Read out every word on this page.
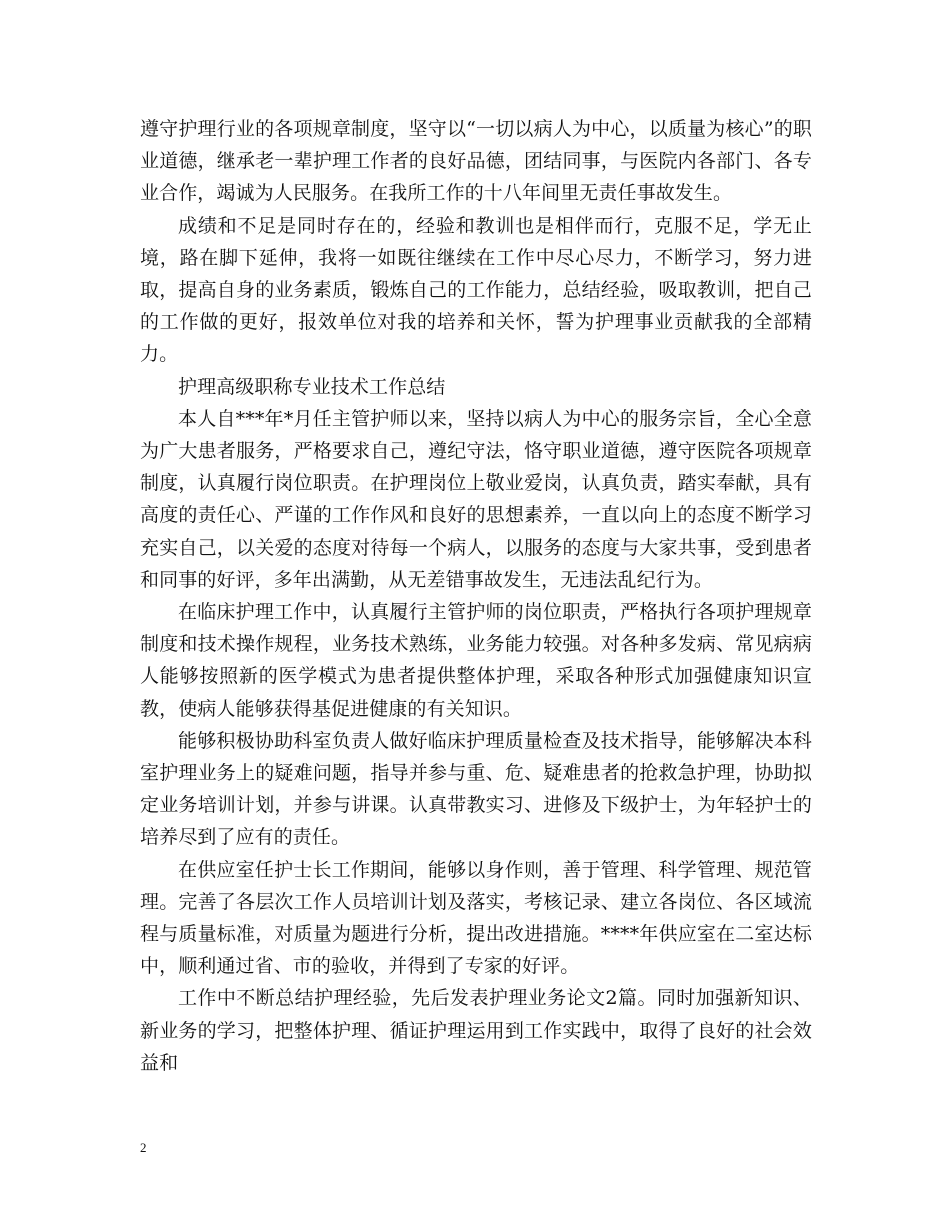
遵守护理行业的各项规章制度，坚守以“一切以病人为中心，以质量为核心”的职业道德，继承老一辈护理工作者的良好品德，团结同事，与医院内各部门、各专业合作，竭诚为人民服务。在我所工作的十八年间里无责任事故发生。

成绩和不足是同时存在的，经验和教训也是相伴而行，克服不足，学无止境，路在脚下延伸，我将一如既往继续在工作中尽心尽力，不断学习，努力进取，提高自身的业务素质，锻炼自己的工作能力，总结经验，吸取教训，把自己的工作做的更好，报效单位对我的培养和关怀，誓为护理事业贡献我的全部精力。

护理高级职称专业技术工作总结

本人自***年*月任主管护师以来，坚持以病人为中心的服务宗旨，全心全意为广大患者服务，严格要求自己，遵纪守法，恪守职业道德，遵守医院各项规章制度，认真履行岗位职责。在护理岗位上敬业爱岗，认真负责，踏实奉献，具有高度的责任心、严谨的工作作风和良好的思想素养，一直以向上的态度不断学习充实自己，以关爱的态度对待每一个病人，以服务的态度与大家共事，受到患者和同事的好评，多年出满勤，从无差错事故发生，无违法乱纪行为。

在临床护理工作中，认真履行主管护师的岗位职责，严格执行各项护理规章制度和技术操作规程，业务技术熟练，业务能力较强。对各种多发病、常见病病人能够按照新的医学模式为患者提供整体护理，采取各种形式加强健康知识宣教，使病人能够获得基促进健康的有关知识。

能够积极协助科室负责人做好临床护理质量检查及技术指导，能够解决本科室护理业务上的疑难问题，指导并参与重、危、疑难患者的抢救急护理，协助拟定业务培训计划，并参与讲课。认真带教实习、进修及下级护士，为年轻护士的培养尽到了应有的责任。

在供应室任护士长工作期间，能够以身作则，善于管理、科学管理、规范管理。完善了各层次工作人员培训计划及落实，考核记录、建立各岗位、各区域流程与质量标准，对质量为题进行分析，提出改进措施。****年供应室在二室达标中，顺利通过省、市的验收，并得到了专家的好评。

工作中不断总结护理经验，先后发表护理业务论文2篇。同时加强新知识、新业务的学习，把整体护理、循证护理运用到工作实践中，取得了良好的社会效益和

2
